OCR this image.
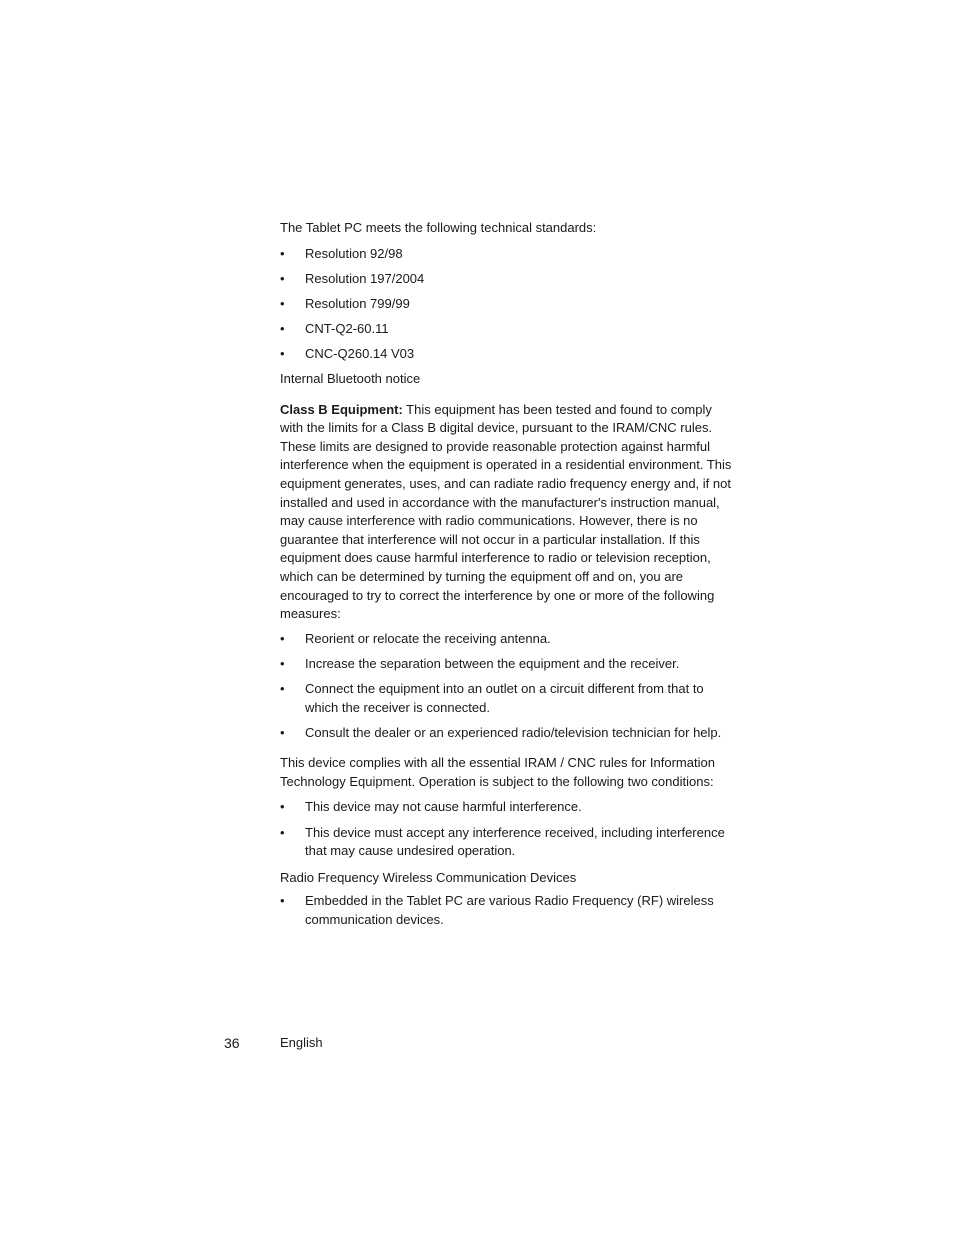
The Tablet PC meets the following technical standards:

• Resolution 92/98
• Resolution 197/2004
• Resolution 799/99
• CNT-Q2-60.11
• CNC-Q260.14 V03

Internal Bluetooth notice

Class B Equipment: This equipment has been tested and found to comply with the limits for a Class B digital device, pursuant to the IRAM/CNC rules. These limits are designed to provide reasonable protection against harmful interference when the equipment is operated in a residential environment. This equipment generates, uses, and can radiate radio frequency energy and, if not installed and used in accordance with the manufacturer's instruction manual, may cause interference with radio communications. However, there is no guarantee that interference will not occur in a particular installation. If this equipment does cause harmful interference to radio or television reception, which can be determined by turning the equipment off and on, you are encouraged to try to correct the interference by one or more of the following measures:

• Reorient or relocate the receiving antenna.
• Increase the separation between the equipment and the receiver.
• Connect the equipment into an outlet on a circuit different from that to which the receiver is connected.
• Consult the dealer or an experienced radio/television technician for help.

This device complies with all the essential IRAM / CNC rules for Information Technology Equipment. Operation is subject to the following two conditions:

• This device may not cause harmful interference.
• This device must accept any interference received, including interference that may cause undesired operation.

Radio Frequency Wireless Communication Devices

• Embedded in the Tablet PC are various Radio Frequency (RF) wireless communication devices.
36	English
